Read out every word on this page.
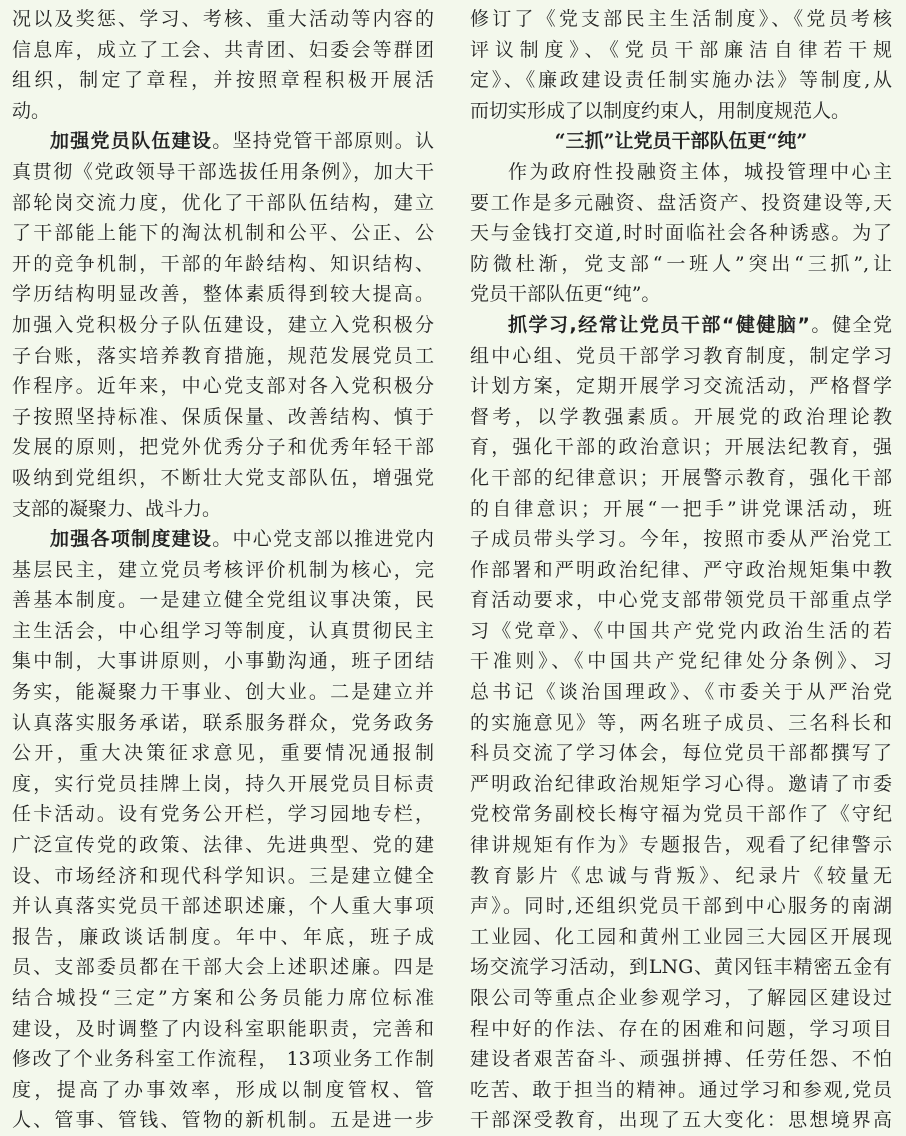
况以及奖惩、学习、考核、重大活动等内容的
信息库，成立了工会、共青团、妇委会等群团
组织，制定了章程，并按照章程积极开展活
动。
加强党员队伍建设。坚持党管干部原则。认
真贯彻《党政领导干部选拔任用条例》，加大干
部轮岗交流力度，优化了干部队伍结构，建立
了干部能上能下的淘汰机制和公平、公正、公
开的竞争机制，干部的年龄结构、知识结构、
学历结构明显改善，整体素质得到较大提高。
加强入党积极分子队伍建设，建立入党积极分
子台账，落实培养教育措施，规范发展党员工
作程序。近年来，中心党支部对各入党积极分
子按照坚持标准、保质保量、改善结构、慎于
发展的原则，把党外优秀分子和优秀年轻干部
吸纳到党组织，不断壮大党支部队伍，增强党
支部的凝聚力、战斗力。
加强各项制度建设。中心党支部以推进党内
基层民主，建立党员考核评价机制为核心，完
善基本制度。一是建立健全党组议事决策，民
主生活会，中心组学习等制度，认真贯彻民主
集中制，大事讲原则，小事勤沟通，班子团结
务实，能凝聚力干事业、创大业。二是建立并
认真落实服务承诺，联系服务群众，党务政务
公开，重大决策征求意见，重要情况通报制
度，实行党员挂牌上岗，持久开展党员目标责
任卡活动。设有党务公开栏，学习园地专栏，
广泛宣传党的政策、法律、先进典型、党的建
设、市场经济和现代科学知识。三是建立健全
并认真落实党员干部述职述廉，个人重大事项
报告，廉政谈话制度。年中、年底，班子成
员、支部委员都在干部大会上述职述廉。四是
结合城投“三定”方案和公务员能力席位标准
建设，及时调整了内设科室职能职责，完善和
修改了个业务科室工作流程， 13项业务工作制
度，提高了办事效率，形成以制度管权、管
人、管事、管钱、管物的新机制。五是进一步
修订了《党支部民主生活制度》、《党员考核
评议制度》、《党员干部廉洁自律若干规
定》、《廉政建设责任制实施办法》等制度,从
而切实形成了以制度约束人，用制度规范人。
“三抓”让党员干部队伍更“纯”
作为政府性投融资主体，城投管理中心主
要工作是多元融资、盘活资产、投资建设等,天
天与金钱打交道,时时面临社会各种诱惑。为了
防微杜渐，党支部“一班人”突出“三抓”,让
党员干部队伍更“纯”。
抓学习,经常让党员干部“健健脑”。健全党
组中心组、党员干部学习教育制度，制定学习
计划方案，定期开展学习交流活动，严格督学
督考，以学教强素质。开展党的政治理论教
育，强化干部的政治意识；开展法纪教育，强
化干部的纪律意识；开展警示教育，强化干部
的自律意识；开展“一把手”讲党课活动，班
子成员带头学习。今年，按照市委从严治党工
作部署和严明政治纪律、严守政治规矩集中教
育活动要求，中心党支部带领党员干部重点学
习《党章》、《中国共产党党内政治生活的若
干准则》、《中国共产党纪律处分条例》、习
总书记《谈治国理政》、《市委关于从严治党
的实施意见》等，两名班子成员、三名科长和
科员交流了学习体会，每位党员干部都撰写了
严明政治纪律政治规矩学习心得。邀请了市委
党校常务副校长梅守福为党员干部作了《守纪
律讲规矩有作为》专题报告，观看了纪律警示
教育影片《忠诚与背叛》、纪录片《较量无
声》。同时,还组织党员干部到中心服务的南湖
工业园、化工园和黄州工业园三大园区开展现
场交流学习活动，到LNG、黄冈钰丰精密五金有
限公司等重点企业参观学习，了解园区建设过
程中好的作法、存在的困难和问题，学习项目
建设者艰苦奋斗、顽强拼搏、任劳任怨、不怕
吃苦、敢于担当的精神。通过学习和参观,党员
干部深受教育，出现了五大变化：思想境界高
